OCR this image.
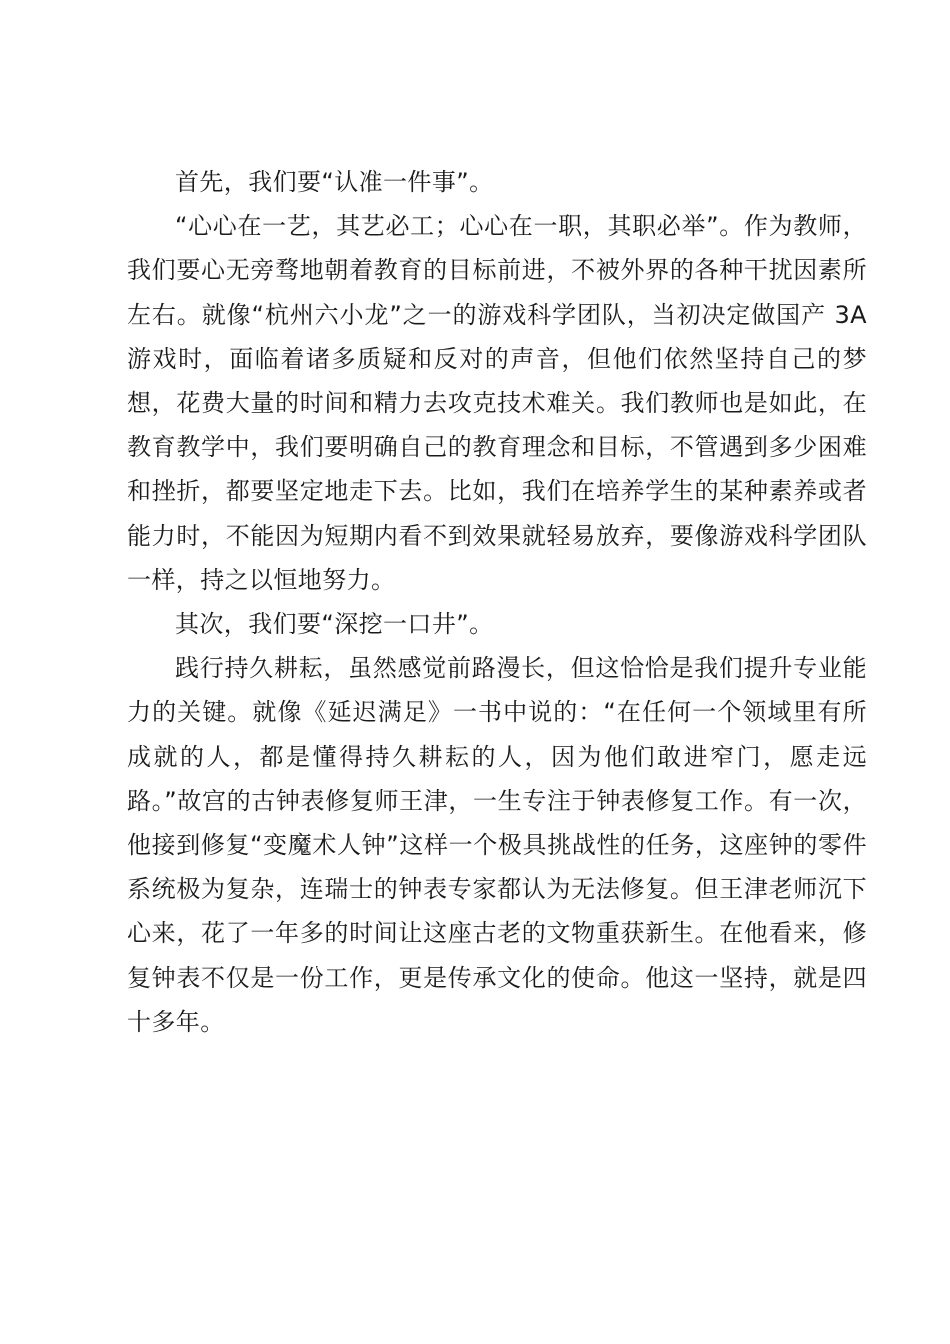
首先，我们要“认准一件事”。

“心心在一艺，其艺必工；心心在一职，其职必举”。作为教师，我们要心无旁骛地朝着教育的目标前进，不被外界的各种干扰因素所左右。就像“杭州六小龙”之一的游戏科学团队，当初决定做国产 3A 游戏时，面临着诸多质疑和反对的声音，但他们依然坚持自己的梦想，花费大量的时间和精力去攻克技术难关。我们教师也是如此，在教育教学中，我们要明确自己的教育理念和目标，不管遇到多少困难和挫折，都要坚定地走下去。比如，我们在培养学生的某种素养或者能力时，不能因为短期内看不到效果就轻易放弃，要像游戏科学团队一样，持之以恒地努力。

其次，我们要“深挖一口井”。

践行持久耕耘，虽然感觉前路漫长，但这恰恰是我们提升专业能力的关键。就像《延迟满足》一书中说的：“在任何一个领域里有所成就的人，都是懂得持久耕耘的人，因为他们敢进窄门，愿走远路。”故宫的古钟表修复师王津，一生专注于钟表修复工作。有一次，他接到修复“变魔术人钟”这样一个极具挑战性的任务，这座钟的零件系统极为复杂，连瑞士的钟表专家都认为无法修复。但王津老师沉下心来，花了一年多的时间让这座古老的文物重获新生。在他看来，修复钟表不仅是一份工作，更是传承文化的使命。他这一坚持，就是四十多年。
